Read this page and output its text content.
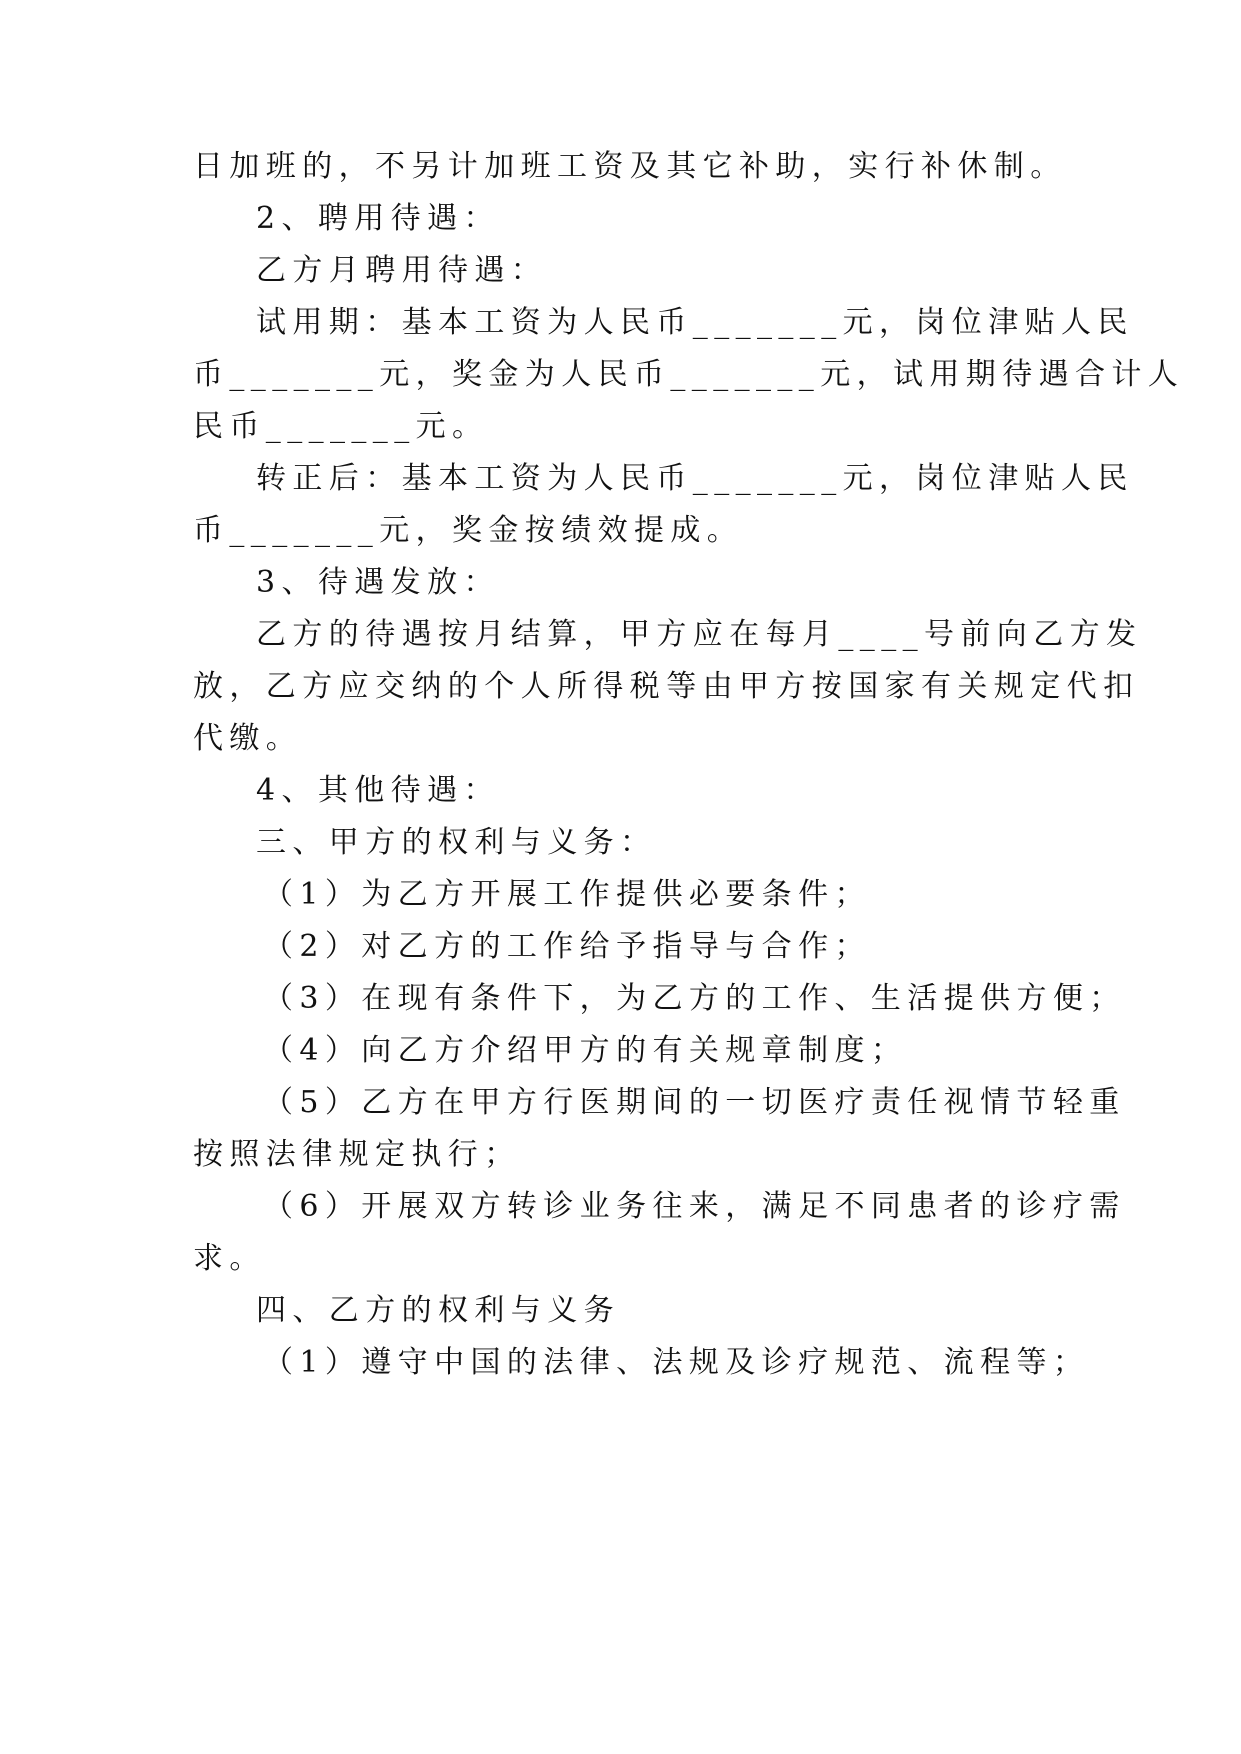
日加班的，不另计加班工资及其它补助，实行补休制。
2、聘用待遇：
乙方月聘用待遇：
试用期：基本工资为人民币_______元，岗位津贴人民
币_______元，奖金为人民币_______元，试用期待遇合计人
民币_______元。
转正后：基本工资为人民币_______元，岗位津贴人民
币_______元，奖金按绩效提成。
3、待遇发放：
乙方的待遇按月结算，甲方应在每月____号前向乙方发
放，乙方应交纳的个人所得税等由甲方按国家有关规定代扣
代缴。
4、其他待遇：
三、甲方的权利与义务：
（1）为乙方开展工作提供必要条件；
（2）对乙方的工作给予指导与合作；
（3）在现有条件下，为乙方的工作、生活提供方便；
（4）向乙方介绍甲方的有关规章制度；
（5）乙方在甲方行医期间的一切医疗责任视情节轻重
按照法律规定执行；
（6）开展双方转诊业务往来，满足不同患者的诊疗需
求。
四、乙方的权利与义务
（1）遵守中国的法律、法规及诊疗规范、流程等；
